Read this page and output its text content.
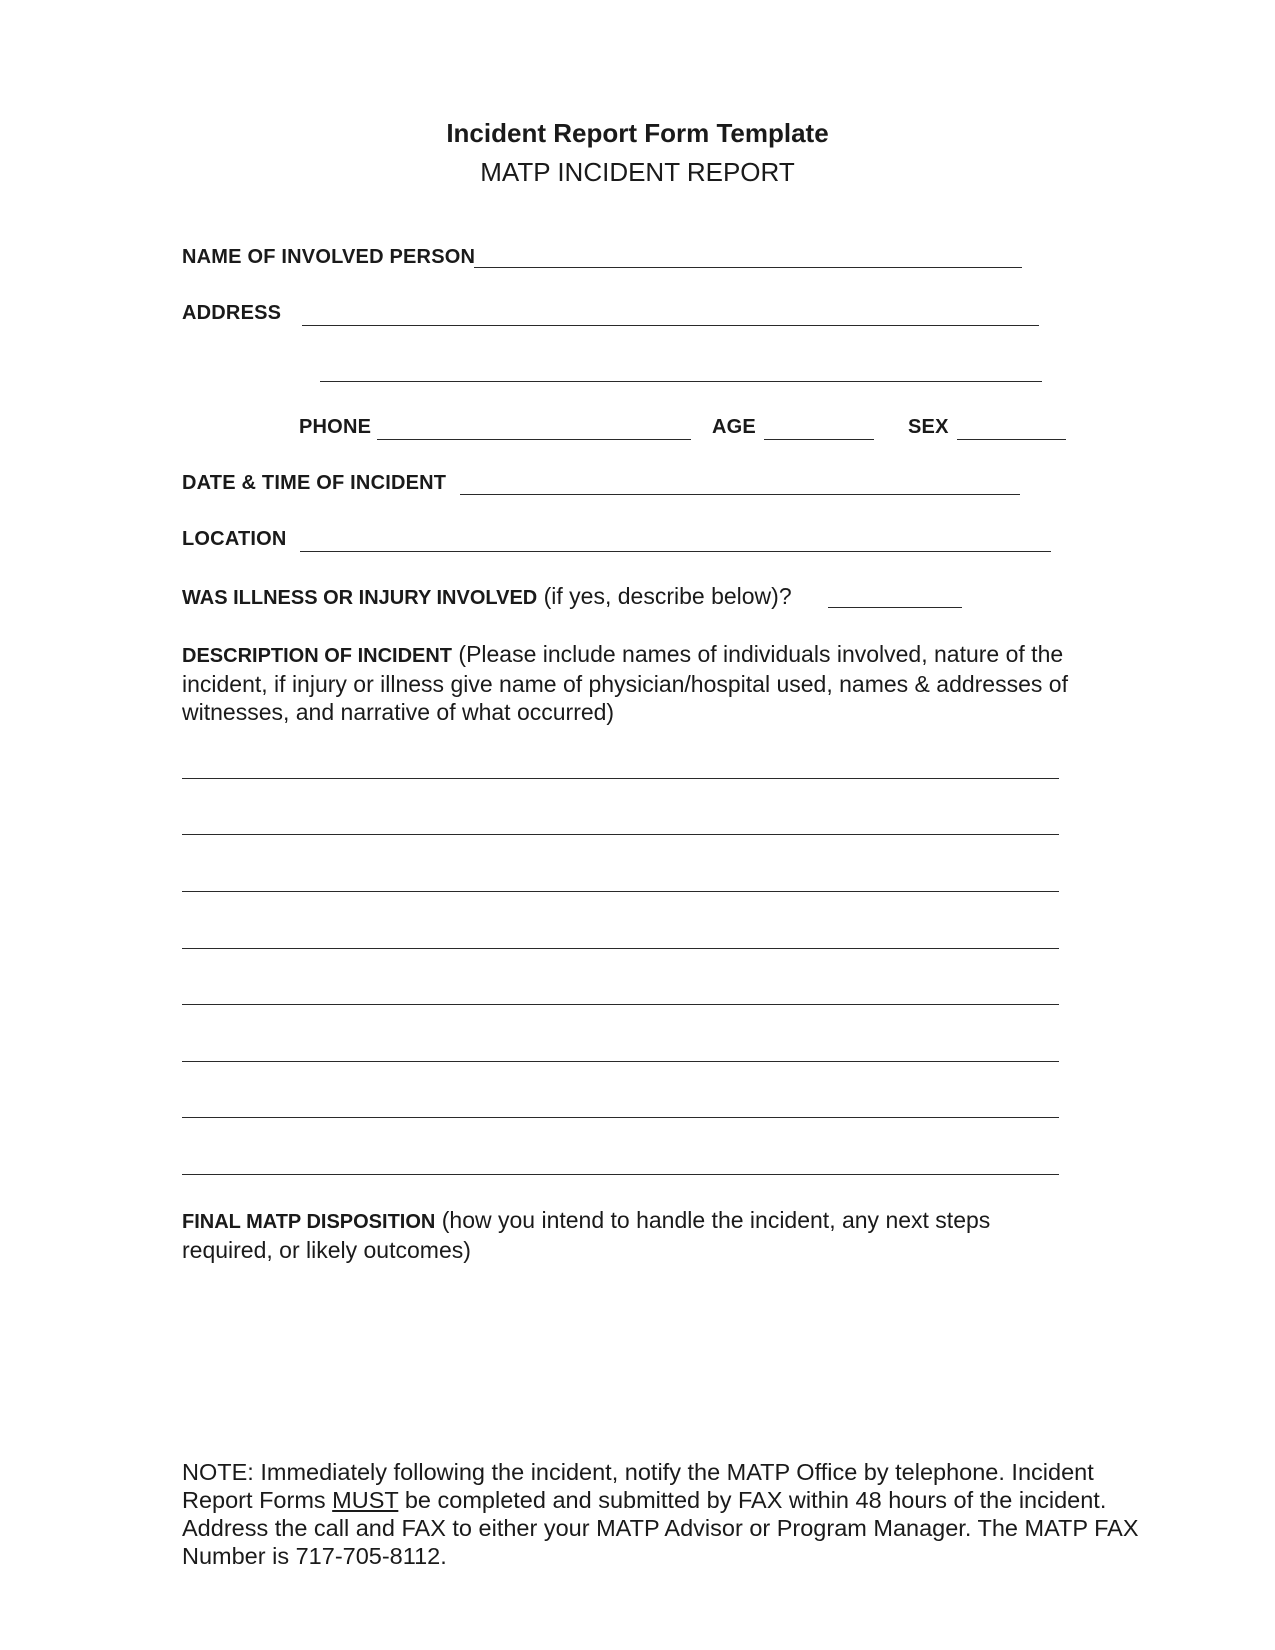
Incident Report Form Template
MATP INCIDENT REPORT
NAME OF INVOLVED PERSON
ADDRESS
PHONE	AGE	SEX
DATE & TIME OF INCIDENT
LOCATION
WAS ILLNESS OR INJURY INVOLVED (if yes, describe below)?
DESCRIPTION OF INCIDENT (Please include names of individuals involved, nature of the incident, if injury or illness give name of physician/hospital used, names & addresses of witnesses, and narrative of what occurred)
FINAL MATP DISPOSITION (how you intend to handle the incident, any next steps required, or likely outcomes)
NOTE: Immediately following the incident, notify the MATP Office by telephone. Incident Report Forms MUST be completed and submitted by FAX within 48 hours of the incident. Address the call and FAX to either your MATP Advisor or Program Manager. The MATP FAX Number is 717-705-8112.
